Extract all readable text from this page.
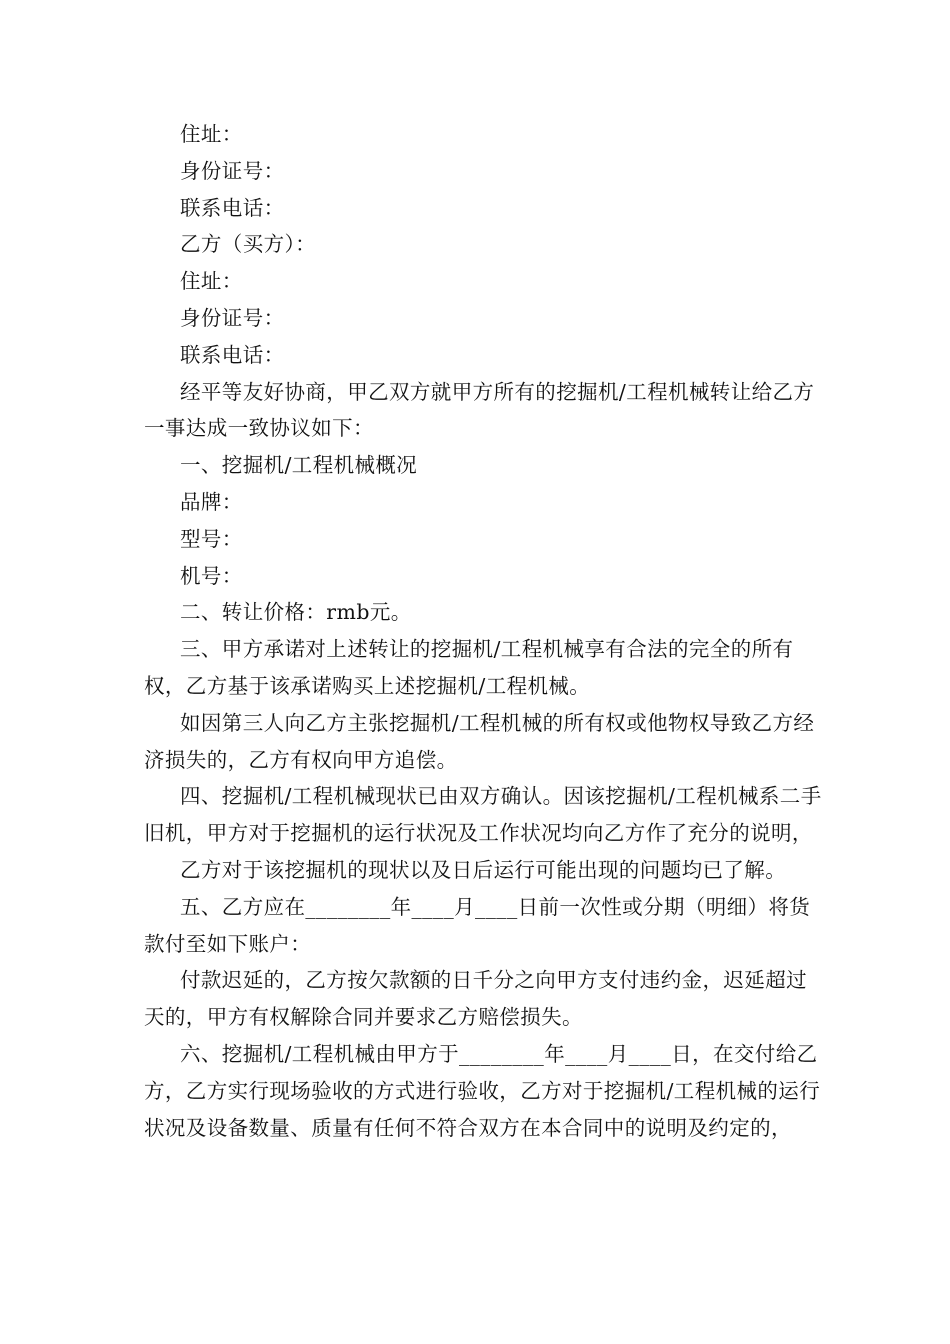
住址：

身份证号：

联系电话：

乙方（买方）：

住址：

身份证号：

联系电话：

经平等友好协商，甲乙双方就甲方所有的挖掘机/工程机械转让给乙方一事达成一致协议如下：

一、挖掘机/工程机械概况

品牌：

型号：

机号：

二、转让价格：rmb元。

三、甲方承诺对上述转让的挖掘机/工程机械享有合法的完全的所有权，乙方基于该承诺购买上述挖掘机/工程机械。

如因第三人向乙方主张挖掘机/工程机械的所有权或他物权导致乙方经济损失的，乙方有权向甲方追偿。

四、挖掘机/工程机械现状已由双方确认。因该挖掘机/工程机械系二手旧机，甲方对于挖掘机的运行状况及工作状况均向乙方作了充分的说明，

乙方对于该挖掘机的现状以及日后运行可能出现的问题均已了解。

五、乙方应在________年____月____日前一次性或分期（明细）将货款付至如下账户：

付款迟延的，乙方按欠款额的日千分之向甲方支付违约金，迟延超过天的，甲方有权解除合同并要求乙方赔偿损失。

六、挖掘机/工程机械由甲方于________年____月____日，在交付给乙方，乙方实行现场验收的方式进行验收，乙方对于挖掘机/工程机械的运行状况及设备数量、质量有任何不符合双方在本合同中的说明及约定的，
